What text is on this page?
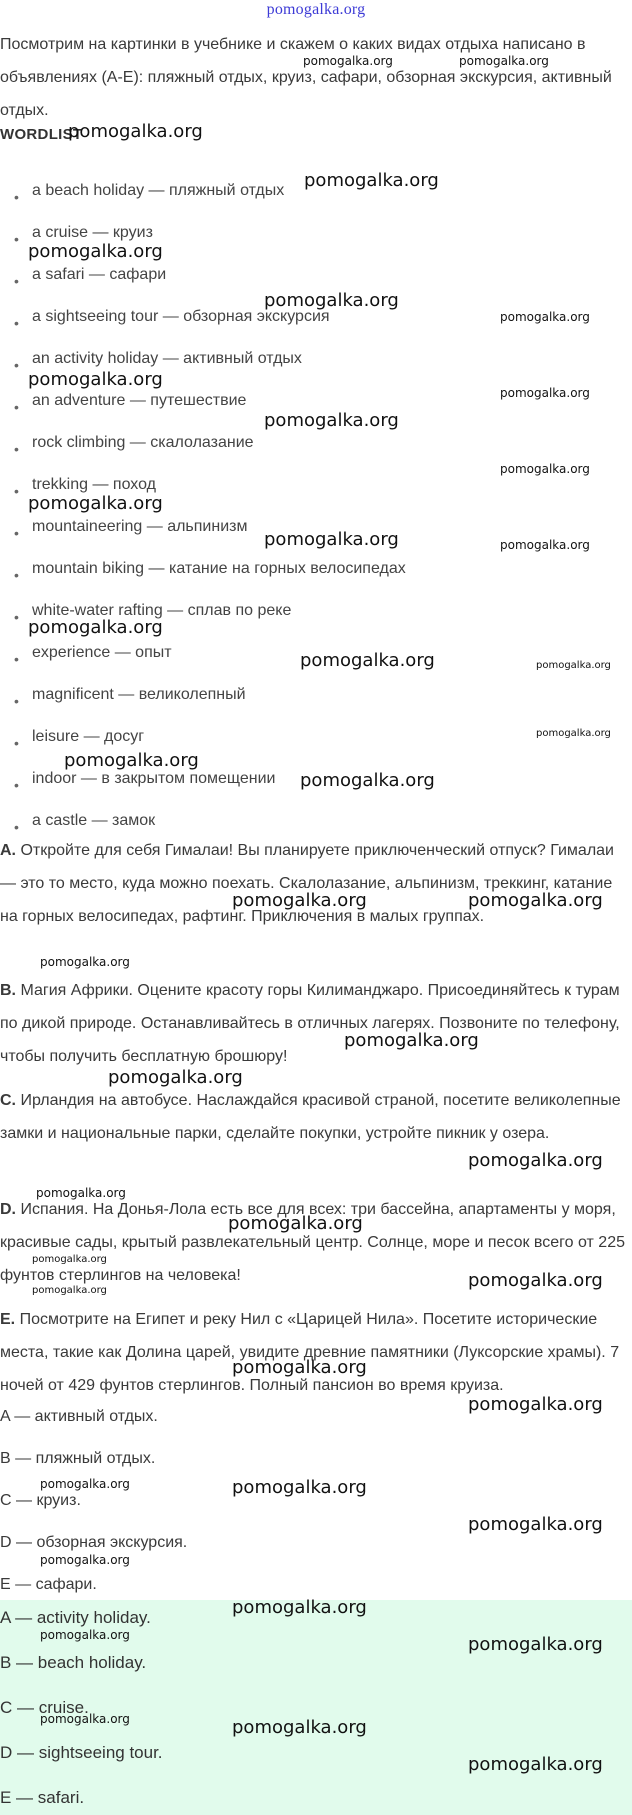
pomogalka.org
Посмотрим на картинки в учебнике и скажем о каких видах отдыха написано в объявлениях (А-Е): пляжный отдых, круиз, сафари, обзорная экскурсия, активный отдых.
WORDLIST
• a beach holiday — пляжный отдых
• a cruise — круиз
• a safari — сафари
• a sightseeing tour — обзорная экскурсия
• an activity holiday — активный отдых
• an adventure — путешествие
• rock climbing — скалолазание
• trekking — поход
• mountaineering — альпинизм
• mountain biking — катание на горных велосипедах
• white-water rafting — сплав по реке
• experience — опыт
• magnificent — великолепный
• leisure — досуг
• indoor — в закрытом помещении
• a castle — замок
A. Откройте для себя Гималаи! Вы планируете приключенческий отпуск? Гималаи — это то место, куда можно поехать. Скалолазание, альпинизм, треккинг, катание на горных велосипедах, рафтинг. Приключения в малых группах.
B. Магия Африки. Оцените красоту горы Килиманджаро. Присоединяйтесь к турам по дикой природе. Останавливайтесь в отличных лагерях. Позвоните по телефону, чтобы получить бесплатную брошюру!
C. Ирландия на автобусе. Наслаждайся красивой страной, посетите великолепные замки и национальные парки, сделайте покупки, устройте пикник у озера.
D. Испания. На Донья-Лола есть все для всех: три бассейна, апартаменты у моря, красивые сады, крытый развлекательный центр. Солнце, море и песок всего от 225 фунтов стерлингов на человека!
E. Посмотрите на Египет и реку Нил с «Царицей Нила». Посетите исторические места, такие как Долина царей, увидите древние памятники (Луксорские храмы). 7 ночей от 429 фунтов стерлингов. Полный пансион во время круиза.
A — активный отдых.
B — пляжный отдых.
C — круиз.
D — обзорная экскурсия.
E — сафари.
A — activity holiday.
B — beach holiday.
C — cruise.
D — sightseeing tour.
E — safari.
pomogalka.org	pomogalka.org
pomogalka.org
pomogalka.org
pomogalka.org
pomogalka.org
pomogalka.org
pomogalka.org
pomogalka.org
pomogalka.org
pomogalka.org
pomogalka.org
pomogalka.org
pomogalka.org
pomogalka.org
pomogalka.org	pomogalka.org
pomogalka.org
pomogalka.org
pomogalka.org
pomogalka.org	pomogalka.org
pomogalka.org
pomogalka.org
pomogalka.org
pomogalka.org
pomogalka.org
pomogalka.org
pomogalka.org
pomogalka.org
pomogalka.org
pomogalka.org
pomogalka.org
pomogalka.org	pomogalka.org
pomogalka.org
pomogalka.org
pomogalka.org
pomogalka.org	pomogalka.org
pomogalka.org	pomogalka.org
pomogalka.org
